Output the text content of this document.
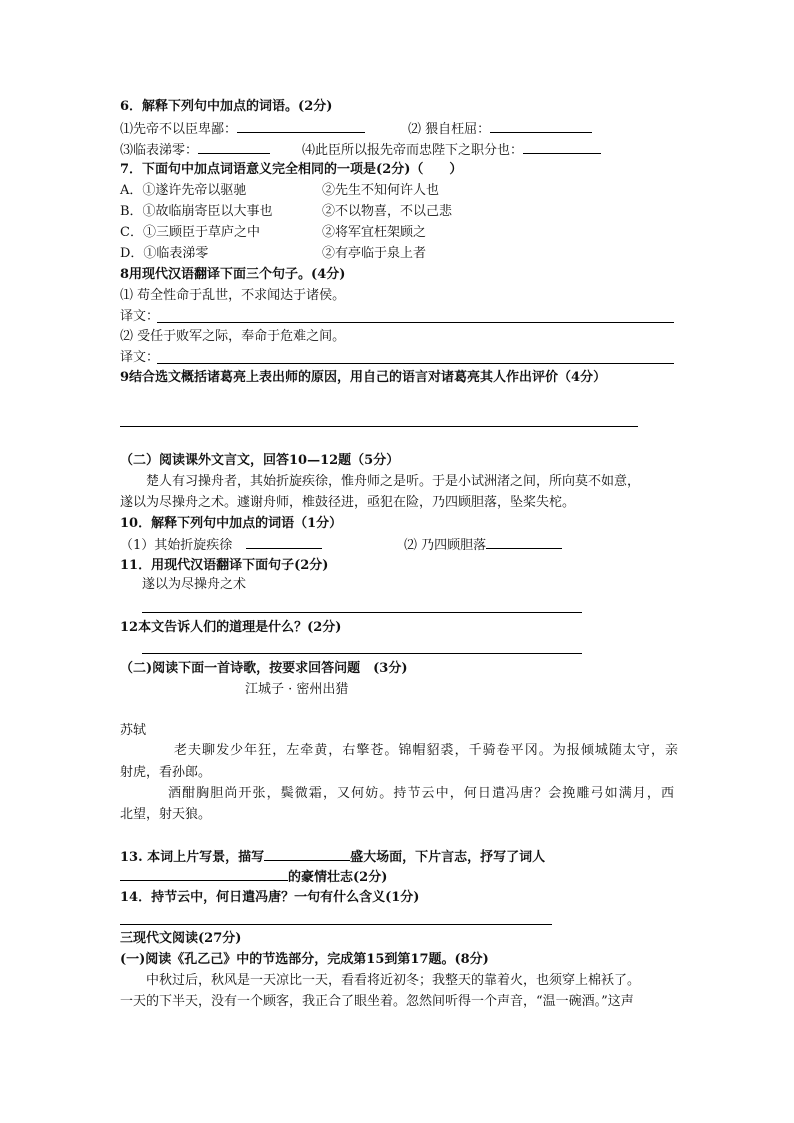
6．解释下列句中加点的词语。(2分)
⑴先帝不以臣卑鄙：	⑵ 猥自枉屈：
⑶临表涕零：	⑷此臣所以报先帝而忠陛下之职分也：
7．下面句中加点词语意义完全相同的一项是(2分)（　　）
A．①遂许先帝以驱驰	②先生不知何许人也
B．①故临崩寄臣以大事也	②不以物喜，不以己悲
C．①三顾臣于草庐之中	②将军宜枉架顾之
D．①临表涕零	②有亭临于泉上者
8用现代汉语翻译下面三个句子。(4分)
⑴ 苟全性命于乱世，不求闻达于诸侯。
译文：
⑵ 受任于败军之际，奉命于危难之间。
译文：
9结合选文概括诸葛亮上表出师的原因，用自己的语言对诸葛亮其人作出评价（4分）
（二）阅读课外文言文，回答10—12题（5分）
楚人有习操舟者，其始折旋疾徐，惟舟师之是听。于是小试洲渚之间，所向莫不如意，
遂以为尽操舟之术。遽谢舟师，椎鼓径进，亟犯在险，乃四顾胆落，坠桨失柁。
10．解释下列句中加点的词语（1分）
（1）其始折旋疾徐	⑵ 乃四顾胆落
11．用现代汉语翻译下面句子(2分)
遂以为尽操舟之术
12本文告诉人们的道理是什么？(2分)
（二)阅读下面一首诗歌，按要求回答问题　(3分)
江城子 · 密州出猎
苏轼
老夫聊发少年狂，左牵黄，右擎苍。锦帽貂裘，千骑卷平冈。为报倾城随太守，亲
射虎，看孙郎。
酒酣胸胆尚开张，鬓微霜，又何妨。持节云中，何日遣冯唐？会挽雕弓如满月，西
北望，射天狼。
13. 本词上片写景，描写	盛大场面，下片言志，抒写了词人
的豪情壮志(2分)
14．持节云中，何日遣冯唐？一句有什么含义(1分)
三现代文阅读(27分)
(一)阅读《孔乙己》中的节选部分，完成第15到第17题。(8分)
中秋过后，秋风是一天凉比一天，看看将近初冬；我整天的靠着火，也须穿上棉袄了。
一天的下半天，没有一个顾客，我正合了眼坐着。忽然间听得一个声音，“温一碗酒。”这声
